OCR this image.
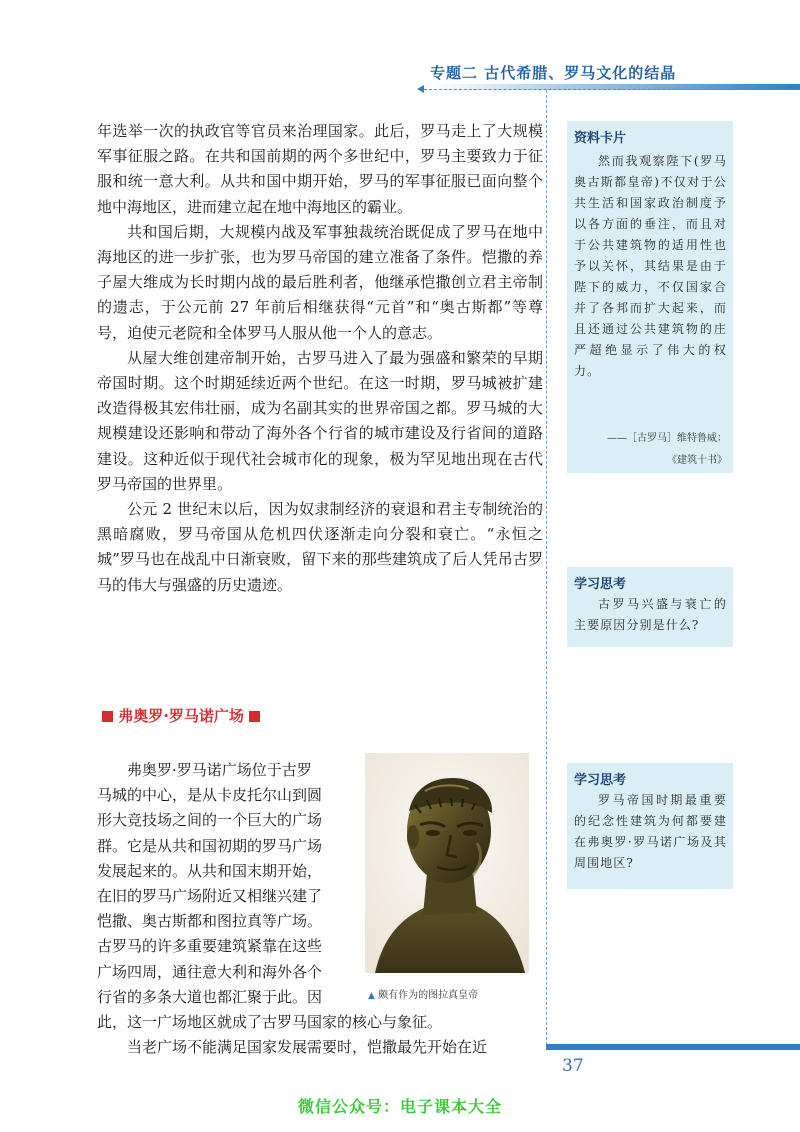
专题二 古代希腊、罗马文化的结晶

年选举一次的执政官等官员来治理国家。此后，罗马走上了大规模军事征服之路。在共和国前期的两个多世纪中，罗马主要致力于征服和统一意大利。从共和国中期开始，罗马的军事征服已面向整个地中海地区，进而建立起在地中海地区的霸业。

共和国后期，大规模内战及军事独裁统治既促成了罗马在地中海地区的进一步扩张，也为罗马帝国的建立准备了条件。恺撒的养子屋大维成为长时期内战的最后胜利者，他继承恺撒创立君主帝制的遗志，于公元前 27 年前后相继获得“元首”和“奥古斯都”等尊号，迫使元老院和全体罗马人服从他一个人的意志。

从屋大维创建帝制开始，古罗马进入了最为强盛和繁荣的早期帝国时期。这个时期延续近两个世纪。在这一时期，罗马城被扩建改造得极其宏伟壮丽，成为名副其实的世界帝国之都。罗马城的大规模建设还影响和带动了海外各个行省的城市建设及行省间的道路建设。这种近似于现代社会城市化的现象，极为罕见地出现在古代罗马帝国的世界里。

公元 2 世纪末以后，因为奴隶制经济的衰退和君主专制统治的黑暗腐败，罗马帝国从危机四伏逐渐走向分裂和衰亡。“永恒之城”罗马也在战乱中日渐衰败，留下来的那些建筑成了后人凭吊古罗马的伟大与强盛的历史遗迹。

弗奥罗·罗马诺广场
弗奥罗·罗马诺广场位于古罗
马城的中心，是从卡皮托尔山到圆
形大竞技场之间的一个巨大的广场
群。它是从共和国初期的罗马广场
发展起来的。从共和国末期开始，
在旧的罗马广场附近又相继兴建了
恺撒、奥古斯都和图拉真等广场。
古罗马的许多重要建筑紧靠在这些
广场四周，通往意大利和海外各个
行省的多条大道也都汇聚于此。因

此，这一广场地区就成了古罗马国家的核心与象征。

当老广场不能满足国家发展需要时，恺撒最先开始在近

▲ 颇有作为的图拉真皇帝
资料卡片
然而我观察陛下(罗马奥古斯都皇帝)不仅对于公共生活和国家政治制度予以各方面的垂注，而且对于公共建筑物的适用性也予以关怀，其结果是由于陛下的威力，不仅国家合并了各邦而扩大起来，而且还通过公共建筑物的庄严超绝显示了伟大的权力。
——［古罗马］维特鲁威：
《建筑十书》
学习思考
古罗马兴盛与衰亡的主要原因分别是什么?
学习思考
罗马帝国时期最重要的纪念性建筑为何都要建在弗奥罗·罗马诺广场及其周围地区?
37
微信公众号：电子课本大全
